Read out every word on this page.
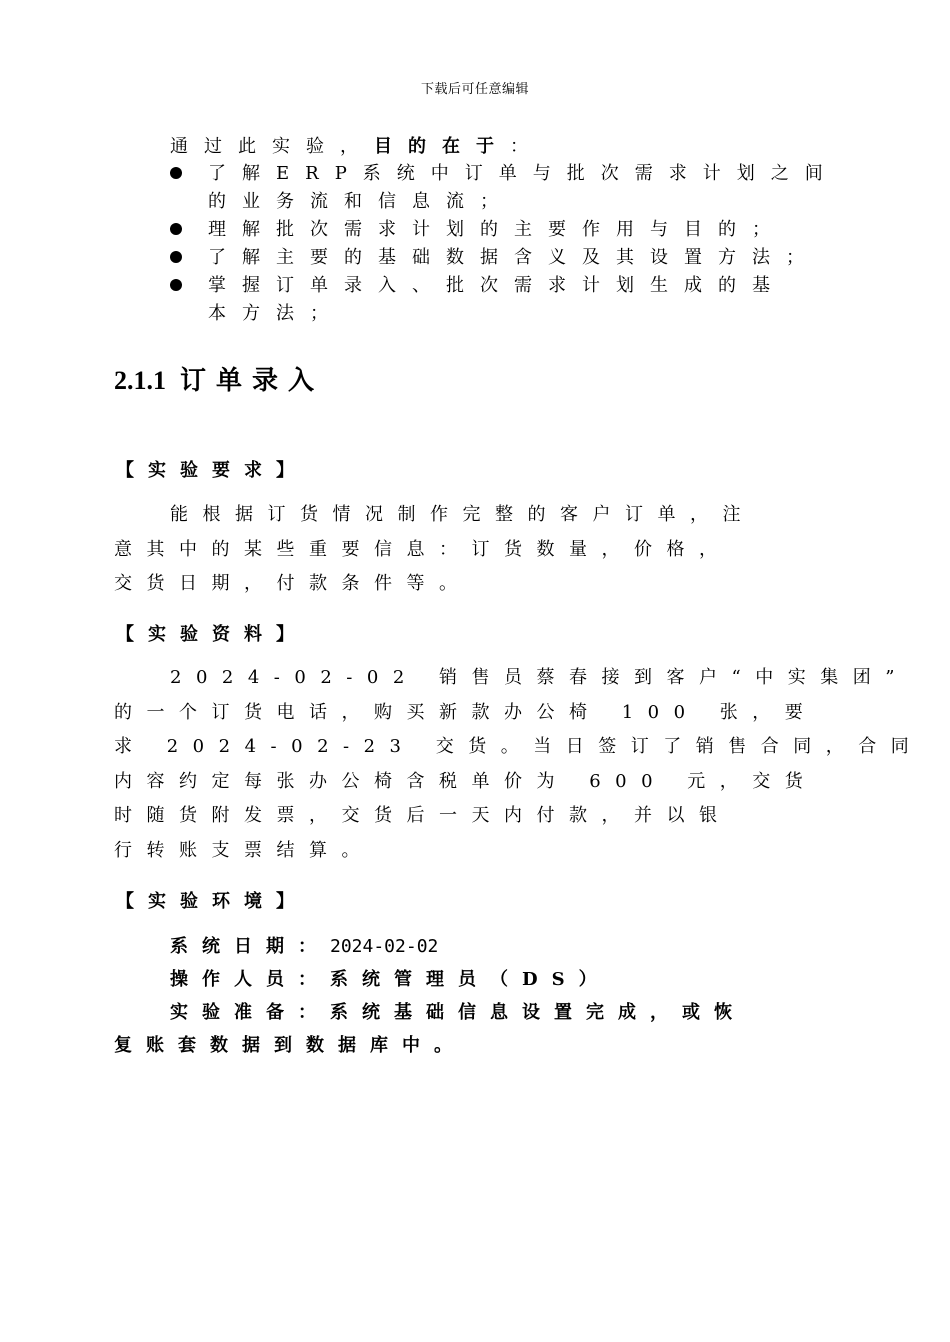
下载后可任意编辑
通过此实验，目的在于：
了解ERP系统中订单与批次需求计划之间
的业务流和信息流；
理解批次需求计划的主要作用与目的；
了解主要的基础数据含义及其设置方法；
掌握订单录入、批次需求计划生成的基
本方法；
2.1.1 订单录入
【实验要求】
能根据订货情况制作完整的客户订单，注
意其中的某些重要信息：订货数量，价格，
交货日期，付款条件等。
【实验资料】
2024-02-02 销售员蔡春接到客户“中实集团”
的一个订货电话，购买新款办公椅 100 张，要
求 2024-02-23 交货。当日签订了销售合同，合同
内容约定每张办公椅含税单价为 600 元，交货
时随货附发票，交货后一天内付款，并以银
行转账支票结算。
【实验环境】
系统日期：2024-02-02
操作人员：系统管理员（DS）
实验准备：系统基础信息设置完成，或恢
复账套数据到数据库中。
